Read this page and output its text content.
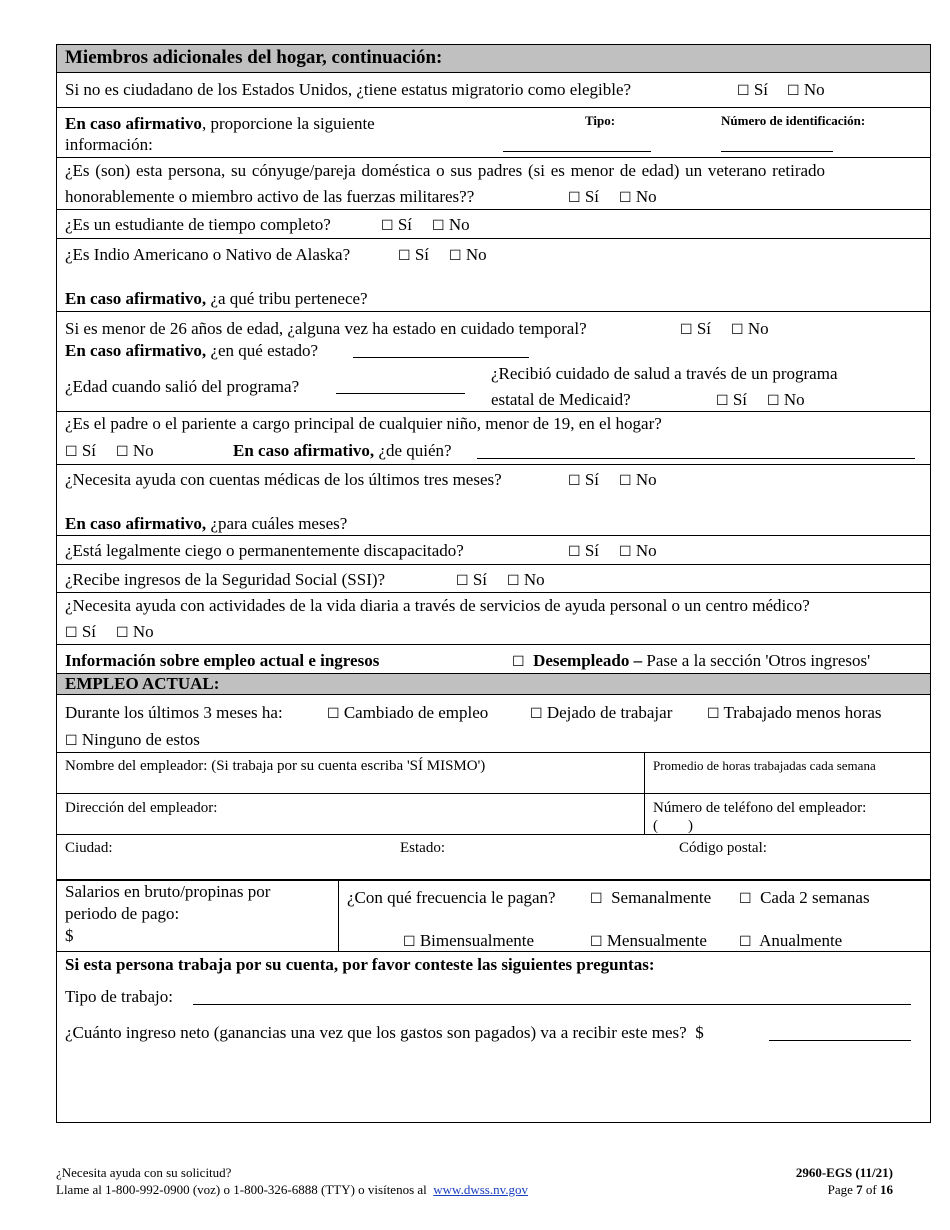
Miembros adicionales del hogar, continuación:
Si no es ciudadano de los Estados Unidos, ¿tiene estatus migratorio como elegible?	☐ Sí ☐ No
En caso afirmativo, proporcione la siguiente
información:
Tipo:	Número de identificación:
¿Es (son) esta persona, su cónyuge/pareja doméstica o sus padres (si es menor de edad) un veterano retirado
honorablemente o miembro activo de las fuerzas militares??	☐ Sí ☐ No
¿Es un estudiante de tiempo completo?	☐ Sí ☐ No
¿Es Indio Americano o Nativo de Alaska?	☐ Sí ☐ No
En caso afirmativo, ¿a qué tribu pertenece?
Si es menor de 26 años de edad, ¿alguna vez ha estado en cuidado temporal?	☐ Sí ☐ No
En caso afirmativo, ¿en qué estado?
¿Edad cuando salió del programa?
¿Recibió cuidado de salud a través de un programa
estatal de Medicaid?	☐ Sí ☐ No
¿Es el padre o el pariente a cargo principal de cualquier niño, menor de 19, en el hogar?
☐ Sí ☐ No	En caso afirmativo, ¿de quién?
¿Necesita ayuda con cuentas médicas de los últimos tres meses?	☐ Sí ☐ No
En caso afirmativo, ¿para cuáles meses?
¿Está legalmente ciego o permanentemente discapacitado?	☐ Sí ☐ No
¿Recibe ingresos de la Seguridad Social (SSI)?	☐ Sí ☐ No
¿Necesita ayuda con actividades de la vida diaria a través de servicios de ayuda personal o un centro médico?
☐ Sí ☐ No
Información sobre empleo actual e ingresos	☐ Desempleado – Pase a la sección 'Otros ingresos'
EMPLEO ACTUAL:
Durante los últimos 3 meses ha:	☐ Cambiado de empleo	☐ Dejado de trabajar ☐ Trabajado menos horas
☐ Ninguno de estos
Nombre del empleador: (Si trabaja por su cuenta escriba 'SÍ MISMO')	Promedio de horas trabajadas cada semana
Dirección del empleador:	Número de teléfono del empleador:
(        )
Ciudad:	Estado:	Código postal:
Salarios en bruto/propinas por
periodo de pago:
$
¿Con qué frecuencia le pagan? ☐ Semanalmente ☐ Cada 2 semanas
☐ Bimensualmente	☐ Mensualmente ☐ Anualmente
Si esta persona trabaja por su cuenta, por favor conteste las siguientes preguntas:
Tipo de trabajo:
¿Cuánto ingreso neto (ganancias una vez que los gastos son pagados) va a recibir este mes? $
¿Necesita ayuda con su solicitud?
Llame al 1-800-992-0900 (voz) o 1-800-326-6888 (TTY) o visítenos al www.dwss.nv.gov
2960-EGS (11/21)
Page 7 of 16
